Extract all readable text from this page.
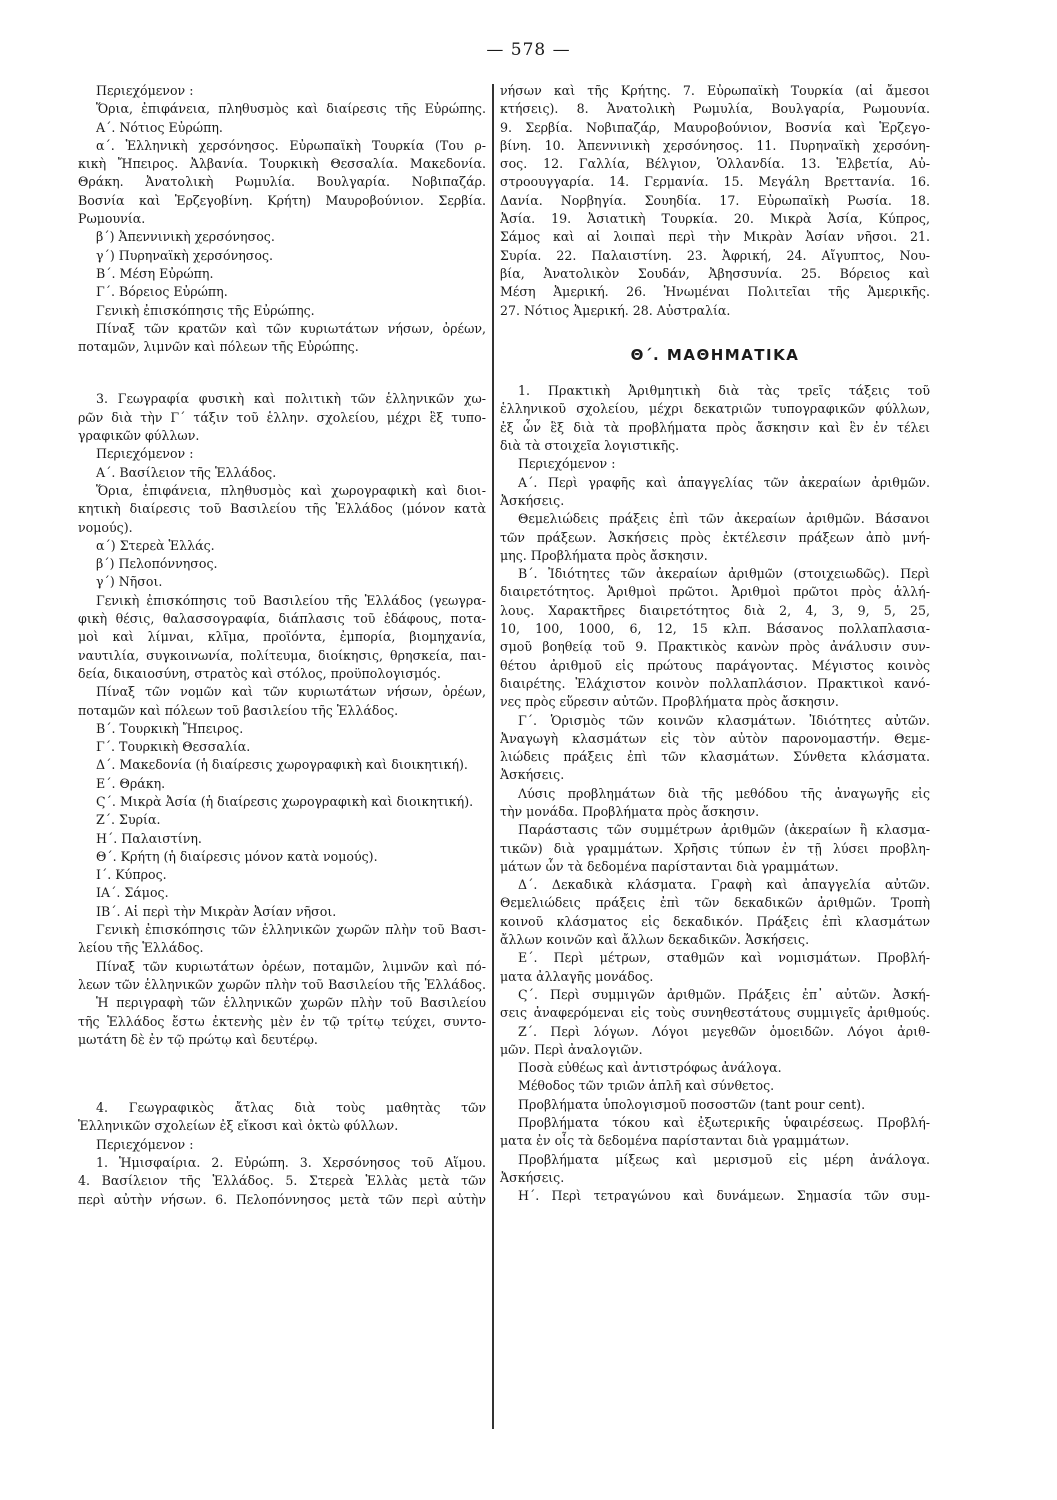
— 578 —
Περιεχόμενον :
Ὅρια, ἐπιφάνεια, πληθυσμὸς καὶ διαίρεσις τῆς Εὐρώπης.
Α΄. Νότιος Εὐρώπη.
α΄. Ἑλληνικὴ χερσόνησος. Εὐρωπαϊκὴ Τουρκία (Του ρ-
κικὴ Ἤπειρος. Ἀλβανία. Τουρκικὴ Θεσσαλία. Μακεδονία.
Θράκη. Ἀνατολικὴ Ρωμυλία. Βουλγαρία. Νοβιπαζάρ.
Βοσνία καὶ Ἑρζεγοβίνη. Κρήτη) Μαυροβούνιον. Σερβία.
Ρωμουνία.
β΄) Ἀπεννινικὴ χερσόνησος.
γ΄) Πυρηναϊκὴ χερσόνησος.
Β΄. Μέση Εὐρώπη.
Γ΄. Βόρειος Εὐρώπη.
Γενικὴ ἐπισκόπησις τῆς Εὐρώπης.
Πίναξ τῶν κρατῶν καὶ τῶν κυριωτάτων νήσων, ὀρέων,
ποταμῶν, λιμνῶν καὶ πόλεων τῆς Εὐρώπης.
3. Γεωγραφία φυσικὴ καὶ πολιτικὴ τῶν ἑλληνικῶν χω-
ρῶν διὰ τὴν Γ΄ τάξιν τοῦ ἑλλην. σχολείου, μέχρι ἓξ τυπο-
γραφικῶν φύλλων.
Περιεχόμενον :
Α΄. Βασίλειον τῆς Ἑλλάδος.
Ὅρια, ἐπιφάνεια, πληθυσμὸς καὶ χωρογραφικὴ καὶ διοι-
κητικὴ διαίρεσις τοῦ Βασιλείου τῆς Ἑλλάδος (μόνον κατὰ
νομούς).
α΄) Στερεὰ Ἑλλάς.
β΄) Πελοπόννησος.
γ΄) Νῆσοι.
Γενικὴ ἐπισκόπησις τοῦ Βασιλείου τῆς Ἑλλάδος (γεωγρα-
φικὴ θέσις, θαλασσογραφία, διάπλασις τοῦ ἐδάφους, ποτα-
μοὶ καὶ λίμναι, κλῖμα, προϊόντα, ἐμπορία, βιομηχανία,
ναυτιλία, συγκοινωνία, πολίτευμα, διοίκησις, θρησκεία, παι-
δεία, δικαιοσύνη, στρατὸς καὶ στόλος, προϋπολογισμός.
Πίναξ τῶν νομῶν καὶ τῶν κυριωτάτων νήσων, ὀρέων,
ποταμῶν καὶ πόλεων τοῦ βασιλείου τῆς Ἑλλάδος.
Β΄. Τουρκικὴ Ἤπειρος.
Γ΄. Τουρκικὴ Θεσσαλία.
Δ΄. Μακεδονία (ἡ διαίρεσις χωρογραφικὴ καὶ διοικητική).
Ε΄. Θράκη.
Ϛ΄. Μικρὰ Ἀσία (ἡ διαίρεσις χωρογραφικὴ καὶ διοικητική).
Ζ΄. Συρία.
Η΄. Παλαιστίνη.
Θ΄. Κρήτη (ἡ διαίρεσις μόνον κατὰ νομούς).
Ι΄. Κύπρος.
ΙΑ΄. Σάμος.
ΙΒ΄. Αἱ περὶ τὴν Μικρὰν Ἀσίαν νῆσοι.
Γενικὴ ἐπισκόπησις τῶν ἑλληνικῶν χωρῶν πλὴν τοῦ Βασι-
λείου τῆς Ἑλλάδος.
Πίναξ τῶν κυριωτάτων ὀρέων, ποταμῶν, λιμνῶν καὶ πό-
λεων τῶν ἑλληνικῶν χωρῶν πλὴν τοῦ Βασιλείου τῆς Ἑλλάδος.
Ἡ περιγραφὴ τῶν ἑλληνικῶν χωρῶν πλὴν τοῦ Βασιλείου
τῆς Ἑλλάδος ἔστω ἐκτενὴς μὲν ἐν τῷ τρίτῳ τεύχει, συντο-
μωτάτη δὲ ἐν τῷ πρώτῳ καὶ δευτέρῳ.
4. Γεωγραφικὸς ἄτλας διὰ τοὺς μαθητὰς τῶν
Ἑλληνικῶν σχολείων ἐξ εἴκοσι καὶ ὀκτὼ φύλλων.
Περιεχόμενον :
1. Ἡμισφαίρια. 2. Εὐρώπη. 3. Χερσόνησος τοῦ Αἵμου.
4. Βασίλειον τῆς Ἑλλάδος. 5. Στερεὰ Ἑλλὰς μετὰ τῶν
περὶ αὐτὴν νήσων. 6. Πελοπόννησος μετὰ τῶν περὶ αὐτὴν
νήσων καὶ τῆς Κρήτης. 7. Εὐρωπαϊκὴ Τουρκία (αἱ ἄμεσοι
κτήσεις). 8. Ἀνατολικὴ Ρωμυλία, Βουλγαρία, Ρωμουνία.
9. Σερβία. Νοβιπαζάρ, Μαυροβούνιον, Βοσνία καὶ Ἑρζεγο-
βίνη. 10. Ἀπεννινικὴ χερσόνησος. 11. Πυρηναϊκὴ χερσόνη-
σος. 12. Γαλλία, Βέλγιον, Ὁλλανδία. 13. Ἑλβετία, Αὐ-
στροουγγαρία. 14. Γερμανία. 15. Μεγάλη Βρεττανία. 16.
Δανία. Νορβηγία. Σουηδία. 17. Εὐρωπαϊκὴ Ρωσία. 18.
Ἀσία. 19. Ἀσιατικὴ Τουρκία. 20. Μικρὰ Ἀσία, Κύπρος,
Σάμος καὶ αἱ λοιπαὶ περὶ τὴν Μικρὰν Ἀσίαν νῆσοι. 21.
Συρία. 22. Παλαιστίνη. 23. Ἀφρική, 24. Αἴγυπτος, Νου-
βία, Ἀνατολικὸν Σουδάν, Ἀβησσυνία. 25. Βόρειος καὶ
Μέση Ἀμερική. 26. Ἡνωμέναι Πολιτεῖαι τῆς Ἀμερικῆς.
27. Νότιος Ἀμερική. 28. Αὐστραλία.
Θ΄. ΜΑΘΗΜΑΤΙΚΑ
1. Πρακτικὴ Ἀριθμητικὴ διὰ τὰς τρεῖς τάξεις τοῦ
ἑλληνικοῦ σχολείου, μέχρι δεκατριῶν τυπογραφικῶν φύλλων,
ἐξ ὧν ἓξ διὰ τὰ προβλήματα πρὸς ἄσκησιν καὶ ἓν ἐν τέλει
διὰ τὰ στοιχεῖα λογιστικῆς.
Περιεχόμενον :
Α΄. Περὶ γραφῆς καὶ ἀπαγγελίας τῶν ἀκεραίων ἀριθμῶν.
Ἀσκήσεις.
Θεμελιώδεις πράξεις ἐπὶ τῶν ἀκεραίων ἀριθμῶν. Βάσανοι
τῶν πράξεων. Ἀσκήσεις πρὸς ἐκτέλεσιν πράξεων ἀπὸ μνή-
μης. Προβλήματα πρὸς ἄσκησιν.
Β΄. Ἰδιότητες τῶν ἀκεραίων ἀριθμῶν (στοιχειωδῶς). Περὶ
διαιρετότητος. Ἀριθμοὶ πρῶτοι. Ἀριθμοὶ πρῶτοι πρὸς ἀλλή-
λους. Χαρακτῆρες διαιρετότητος διὰ 2, 4, 3, 9, 5, 25,
10, 100, 1000, 6, 12, 15 κλπ. Βάσανος πολλαπλασια-
σμοῦ βοηθείᾳ τοῦ 9. Πρακτικὸς κανὼν πρὸς ἀνάλυσιν συν-
θέτου ἀριθμοῦ εἰς πρώτους παράγοντας. Μέγιστος κοινὸς
διαιρέτης. Ἐλάχιστον κοινὸν πολλαπλάσιον. Πρακτικοὶ κανό-
νες πρὸς εὕρεσιν αὐτῶν. Προβλήματα πρὸς ἄσκησιν.
Γ΄. Ὁρισμὸς τῶν κοινῶν κλασμάτων. Ἰδιότητες αὐτῶν.
Ἀναγωγὴ κλασμάτων εἰς τὸν αὐτὸν παρονομαστήν. Θεμε-
λιώδεις πράξεις ἐπὶ τῶν κλασμάτων. Σύνθετα κλάσματα.
Ἀσκήσεις.
Λύσις προβλημάτων διὰ τῆς μεθόδου τῆς ἀναγωγῆς εἰς
τὴν μονάδα. Προβλήματα πρὸς ἄσκησιν.
Παράστασις τῶν συμμέτρων ἀριθμῶν (ἀκεραίων ἢ κλασμα-
τικῶν) διὰ γραμμάτων. Χρῆσις τύπων ἐν τῇ λύσει προβλη-
μάτων ὧν τὰ δεδομένα παρίστανται διὰ γραμμάτων.
Δ΄. Δεκαδικὰ κλάσματα. Γραφὴ καὶ ἀπαγγελία αὐτῶν.
Θεμελιώδεις πράξεις ἐπὶ τῶν δεκαδικῶν ἀριθμῶν. Τροπὴ
κοινοῦ κλάσματος εἰς δεκαδικόν. Πράξεις ἐπὶ κλασμάτων
ἄλλων κοινῶν καὶ ἄλλων δεκαδικῶν. Ἀσκήσεις.
Ε΄. Περὶ μέτρων, σταθμῶν καὶ νομισμάτων. Προβλή-
ματα ἀλλαγῆς μονάδος.
Ϛ΄. Περὶ συμμιγῶν ἀριθμῶν. Πράξεις ἐπ᾽ αὐτῶν. Ἀσκή-
σεις ἀναφερόμεναι εἰς τοὺς συνηθεστάτους συμμιγεῖς ἀριθμούς.
Ζ΄. Περὶ λόγων. Λόγοι μεγεθῶν ὁμοειδῶν. Λόγοι ἀριθ-
μῶν. Περὶ ἀναλογιῶν.
Ποσὰ εὐθέως καὶ ἀντιστρόφως ἀνάλογα.
Μέθοδος τῶν τριῶν ἁπλῆ καὶ σύνθετος.
Προβλήματα ὑπολογισμοῦ ποσοστῶν (tant pour cent).
Προβλήματα τόκου καὶ ἐξωτερικῆς ὑφαιρέσεως. Προβλή-
ματα ἐν οἷς τὰ δεδομένα παρίστανται διὰ γραμμάτων.
Προβλήματα μίξεως καὶ μερισμοῦ εἰς μέρη ἀνάλογα.
Ἀσκήσεις.
Η΄. Περὶ τετραγώνου καὶ δυνάμεων. Σημασία τῶν συμ-
